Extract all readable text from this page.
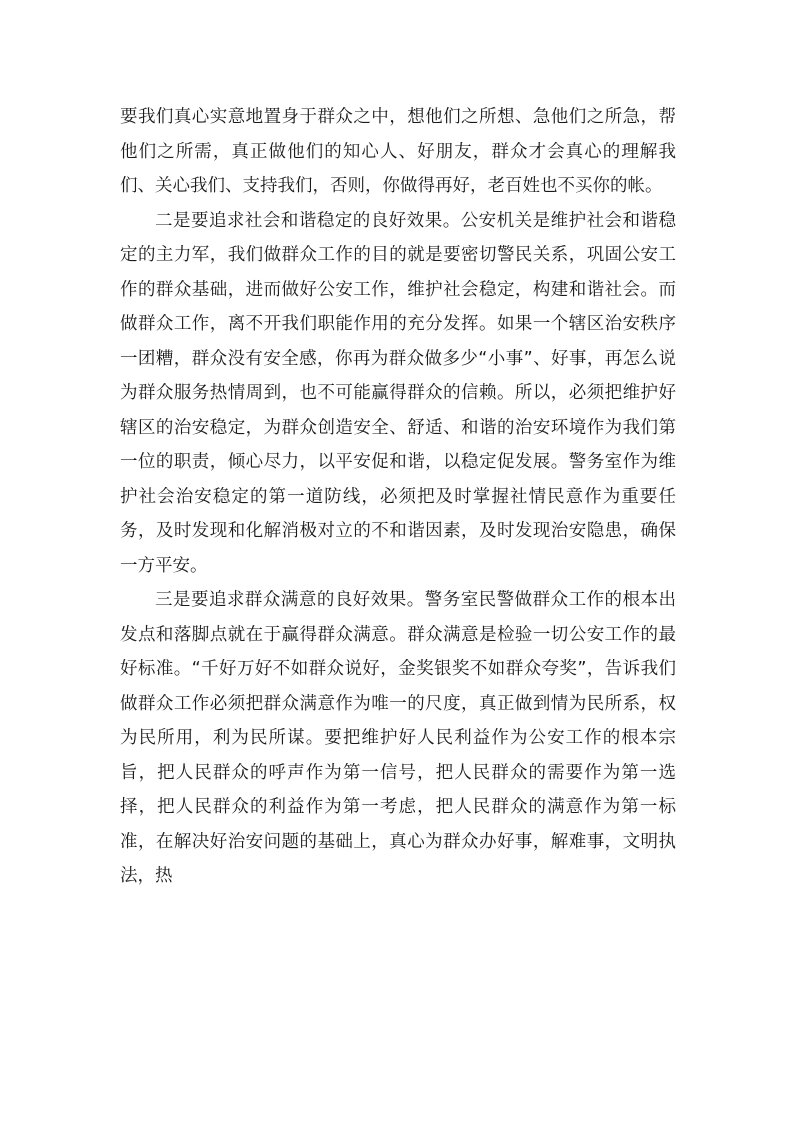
要我们真心实意地置身于群众之中，想他们之所想、急他们之所急，帮他们之所需，真正做他们的知心人、好朋友，群众才会真心的理解我们、关心我们、支持我们，否则，你做得再好，老百姓也不买你的帐。

二是要追求社会和谐稳定的良好效果。公安机关是维护社会和谐稳定的主力军，我们做群众工作的目的就是要密切警民关系，巩固公安工作的群众基础，进而做好公安工作，维护社会稳定，构建和谐社会。而做群众工作，离不开我们职能作用的充分发挥。如果一个辖区治安秩序一团糟，群众没有安全感，你再为群众做多少“小事”、好事，再怎么说为群众服务热情周到，也不可能赢得群众的信赖。所以，必须把维护好辖区的治安稳定，为群众创造安全、舒适、和谐的治安环境作为我们第一位的职责，倾心尽力，以平安促和谐，以稳定促发展。警务室作为维护社会治安稳定的第一道防线，必须把及时掌握社情民意作为重要任务，及时发现和化解消极对立的不和谐因素，及时发现治安隐患，确保一方平安。

三是要追求群众满意的良好效果。警务室民警做群众工作的根本出发点和落脚点就在于赢得群众满意。群众满意是检验一切公安工作的最好标准。“千好万好不如群众说好，金奖银奖不如群众夸奖”，告诉我们做群众工作必须把群众满意作为唯一的尺度，真正做到情为民所系，权为民所用，利为民所谋。要把维护好人民利益作为公安工作的根本宗旨，把人民群众的呼声作为第一信号，把人民群众的需要作为第一选择，把人民群众的利益作为第一考虑，把人民群众的满意作为第一标准，在解决好治安问题的基础上，真心为群众办好事，解难事，文明执法，热
